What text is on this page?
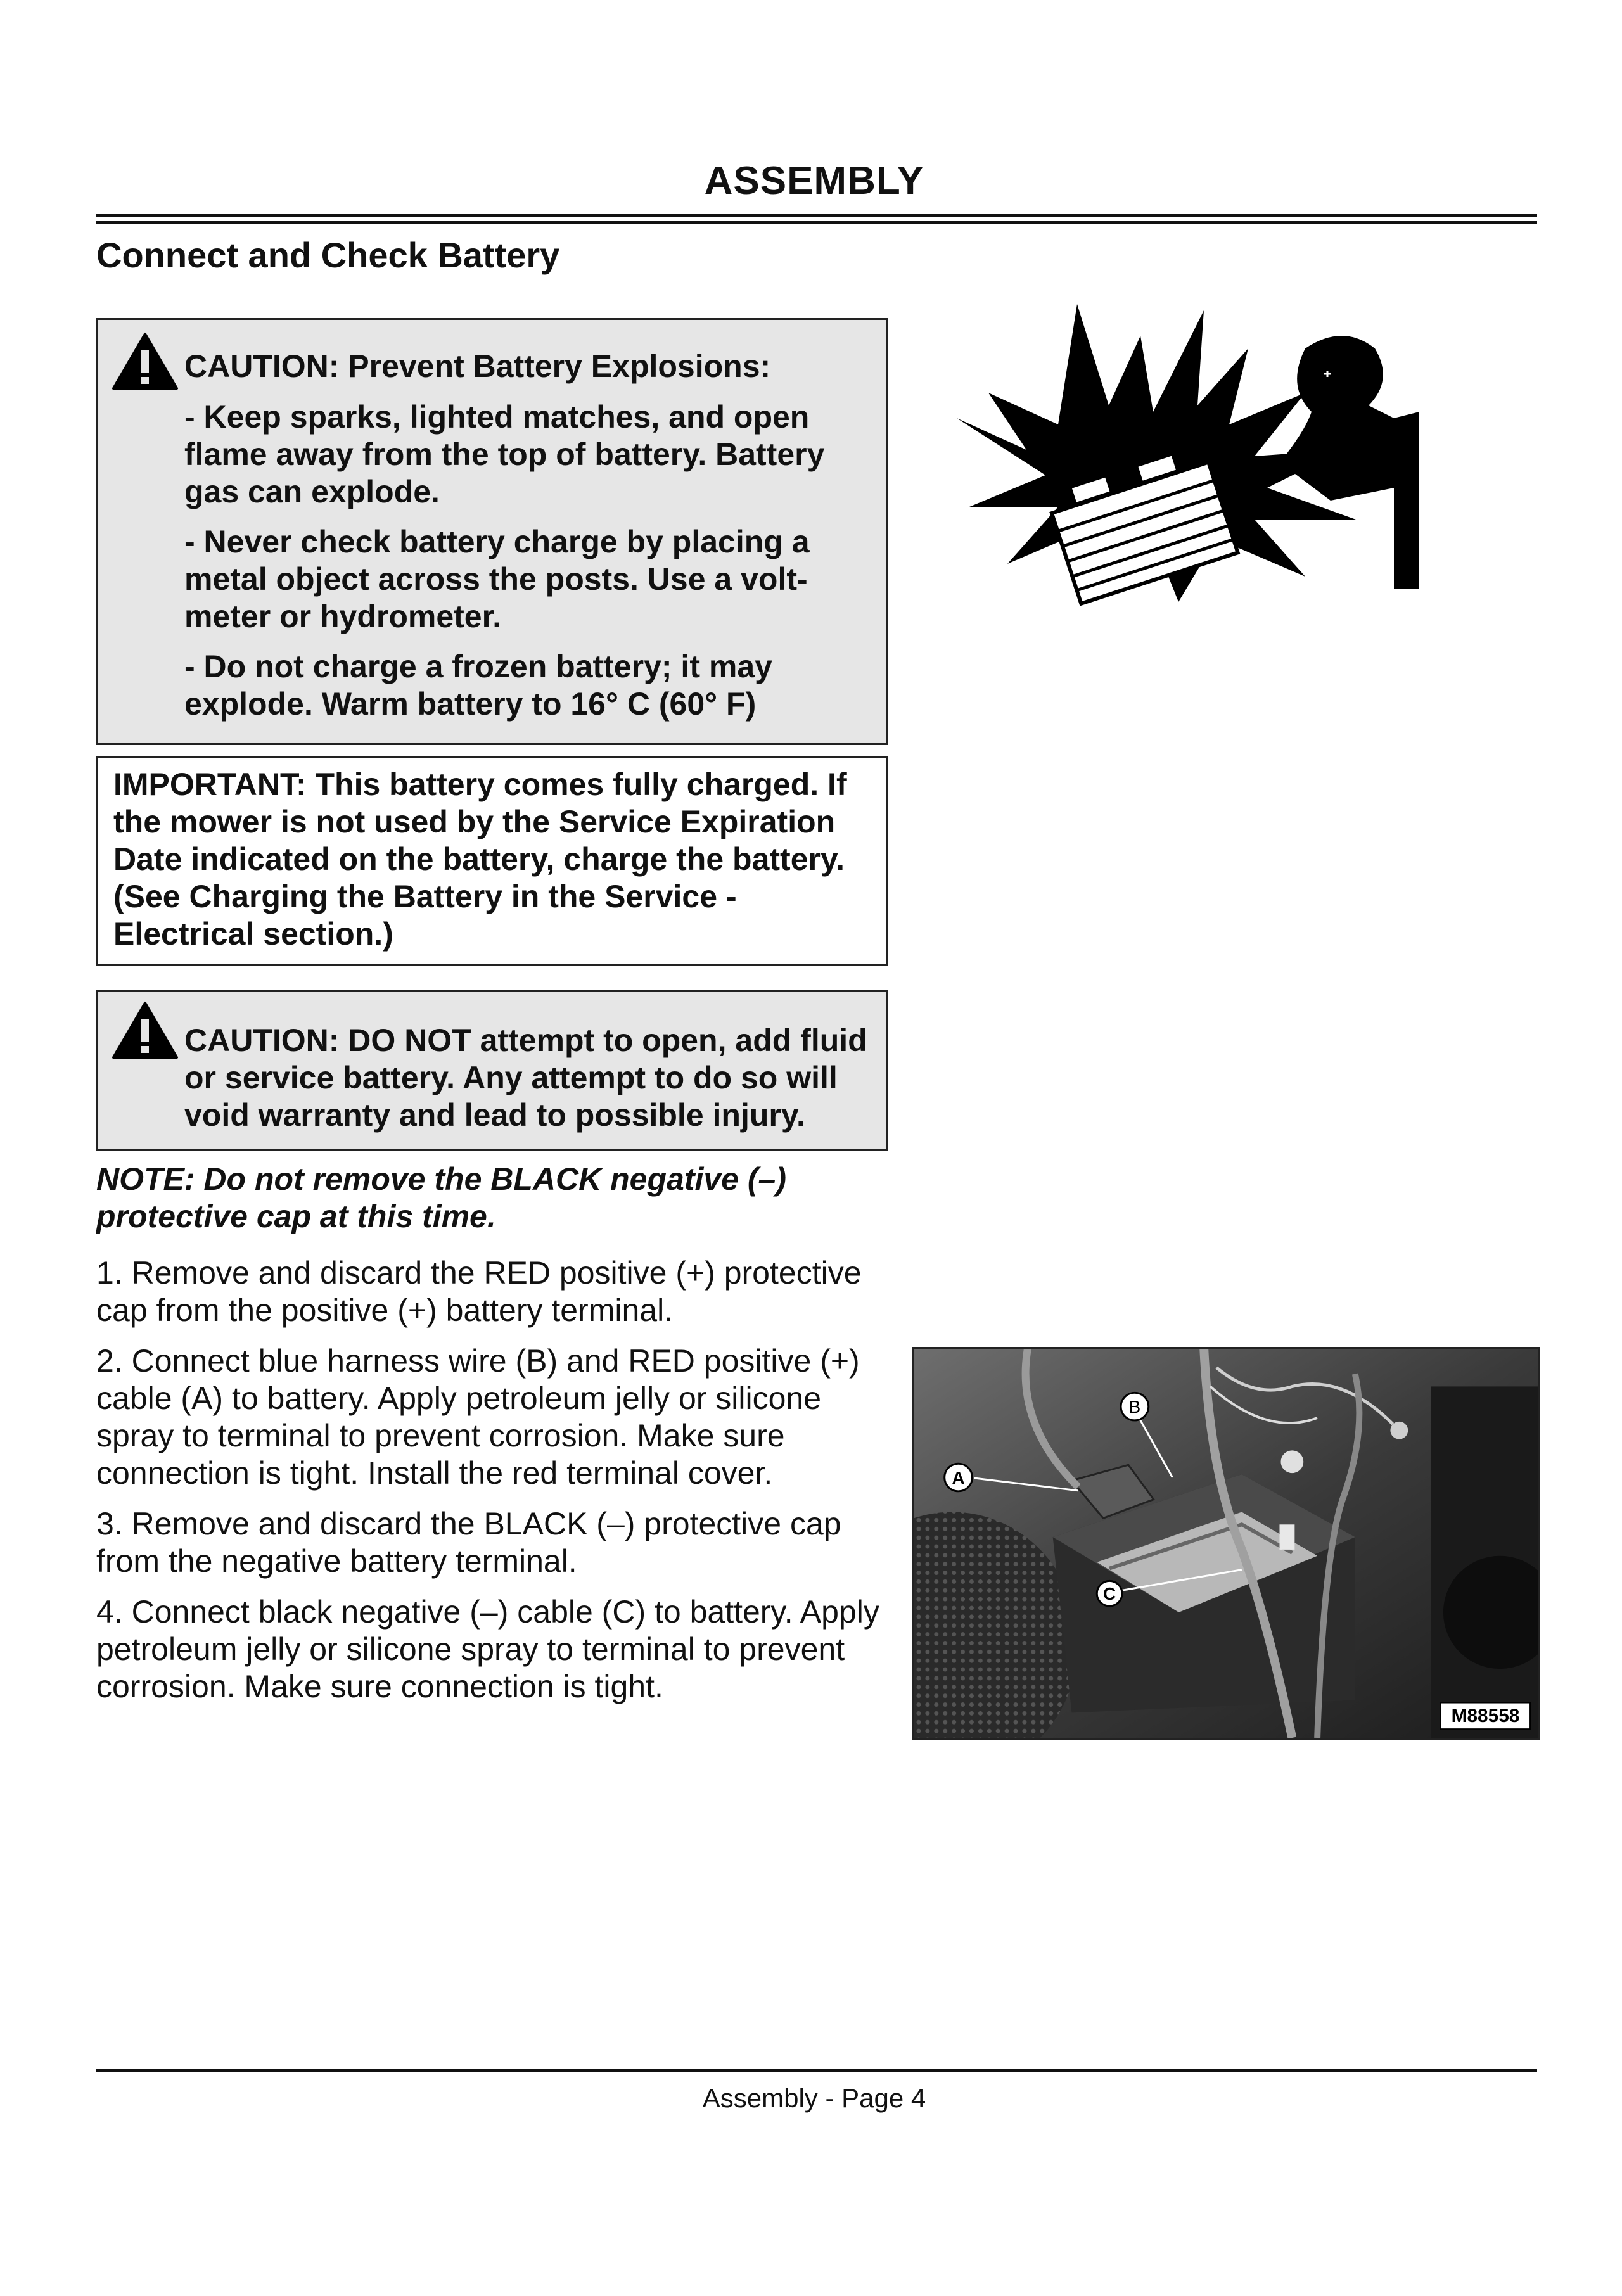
ASSEMBLY
Connect and Check Battery
CAUTION: Prevent Battery Explosions:

- Keep sparks, lighted matches, and open flame away from the top of battery. Battery gas can explode.

- Never check battery charge by placing a metal object across the posts. Use a volt-meter or hydrometer.

- Do not charge a frozen battery; it may explode. Warm battery to 16° C (60° F)

IMPORTANT: This battery comes fully charged. If the mower is not used by the Service Expiration Date indicated on the battery, charge the battery. (See Charging the Battery in the Service - Electrical section.)
CAUTION: DO NOT attempt to open, add fluid or service battery. Any attempt to do so will void warranty and lead to possible injury.
NOTE: Do not remove the BLACK negative (–) protective cap at this time.

1. Remove and discard the RED positive (+) protective cap from the positive (+) battery terminal.

2. Connect blue harness wire (B) and RED positive (+) cable (A) to battery. Apply petroleum jelly or silicone spray to terminal to prevent corrosion. Make sure connection is tight. Install the red terminal cover.

3. Remove and discard the BLACK (–) protective cap from the negative battery terminal.

4. Connect black negative (–) cable (C) to battery. Apply petroleum jelly or silicone spray to terminal to prevent corrosion. Make sure connection is tight.

A
B
C
M88558
Assembly - Page 4
